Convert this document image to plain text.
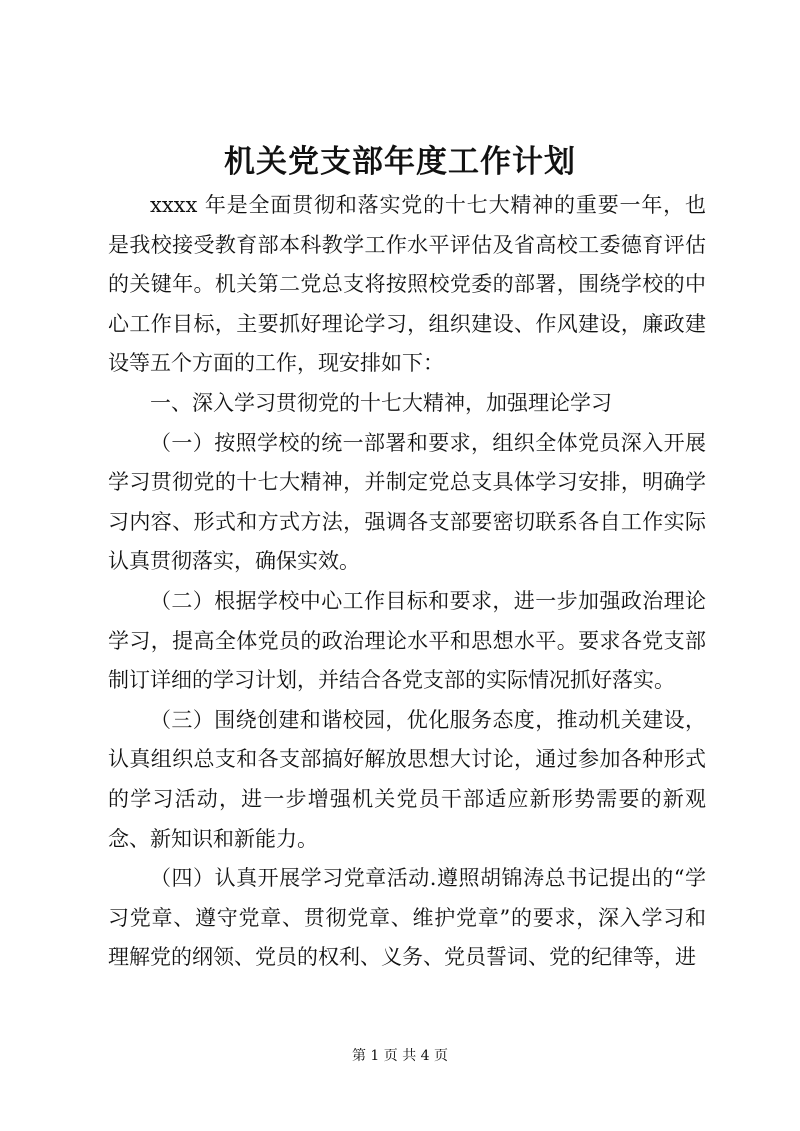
机关党支部年度工作计划

xxxx 年是全面贯彻和落实党的十七大精神的重要一年，也是我校接受教育部本科教学工作水平评估及省高校工委德育评估的关键年。机关第二党总支将按照校党委的部署，围绕学校的中心工作目标，主要抓好理论学习，组织建设、作风建设，廉政建设等五个方面的工作，现安排如下：

一、深入学习贯彻党的十七大精神，加强理论学习

（一）按照学校的统一部署和要求，组织全体党员深入开展学习贯彻党的十七大精神，并制定党总支具体学习安排，明确学习内容、形式和方式方法，强调各支部要密切联系各自工作实际认真贯彻落实，确保实效。

（二）根据学校中心工作目标和要求，进一步加强政治理论学习，提高全体党员的政治理论水平和思想水平。要求各党支部制订详细的学习计划，并结合各党支部的实际情况抓好落实。

（三）围绕创建和谐校园，优化服务态度，推动机关建设，认真组织总支和各支部搞好解放思想大讨论，通过参加各种形式的学习活动，进一步增强机关党员干部适应新形势需要的新观念、新知识和新能力。

（四）认真开展学习党章活动.遵照胡锦涛总书记提出的“学习党章、遵守党章、贯彻党章、维护党章”的要求，深入学习和理解党的纲领、党员的权利、义务、党员誓词、党的纪律等，进

第 1 页 共 4 页
